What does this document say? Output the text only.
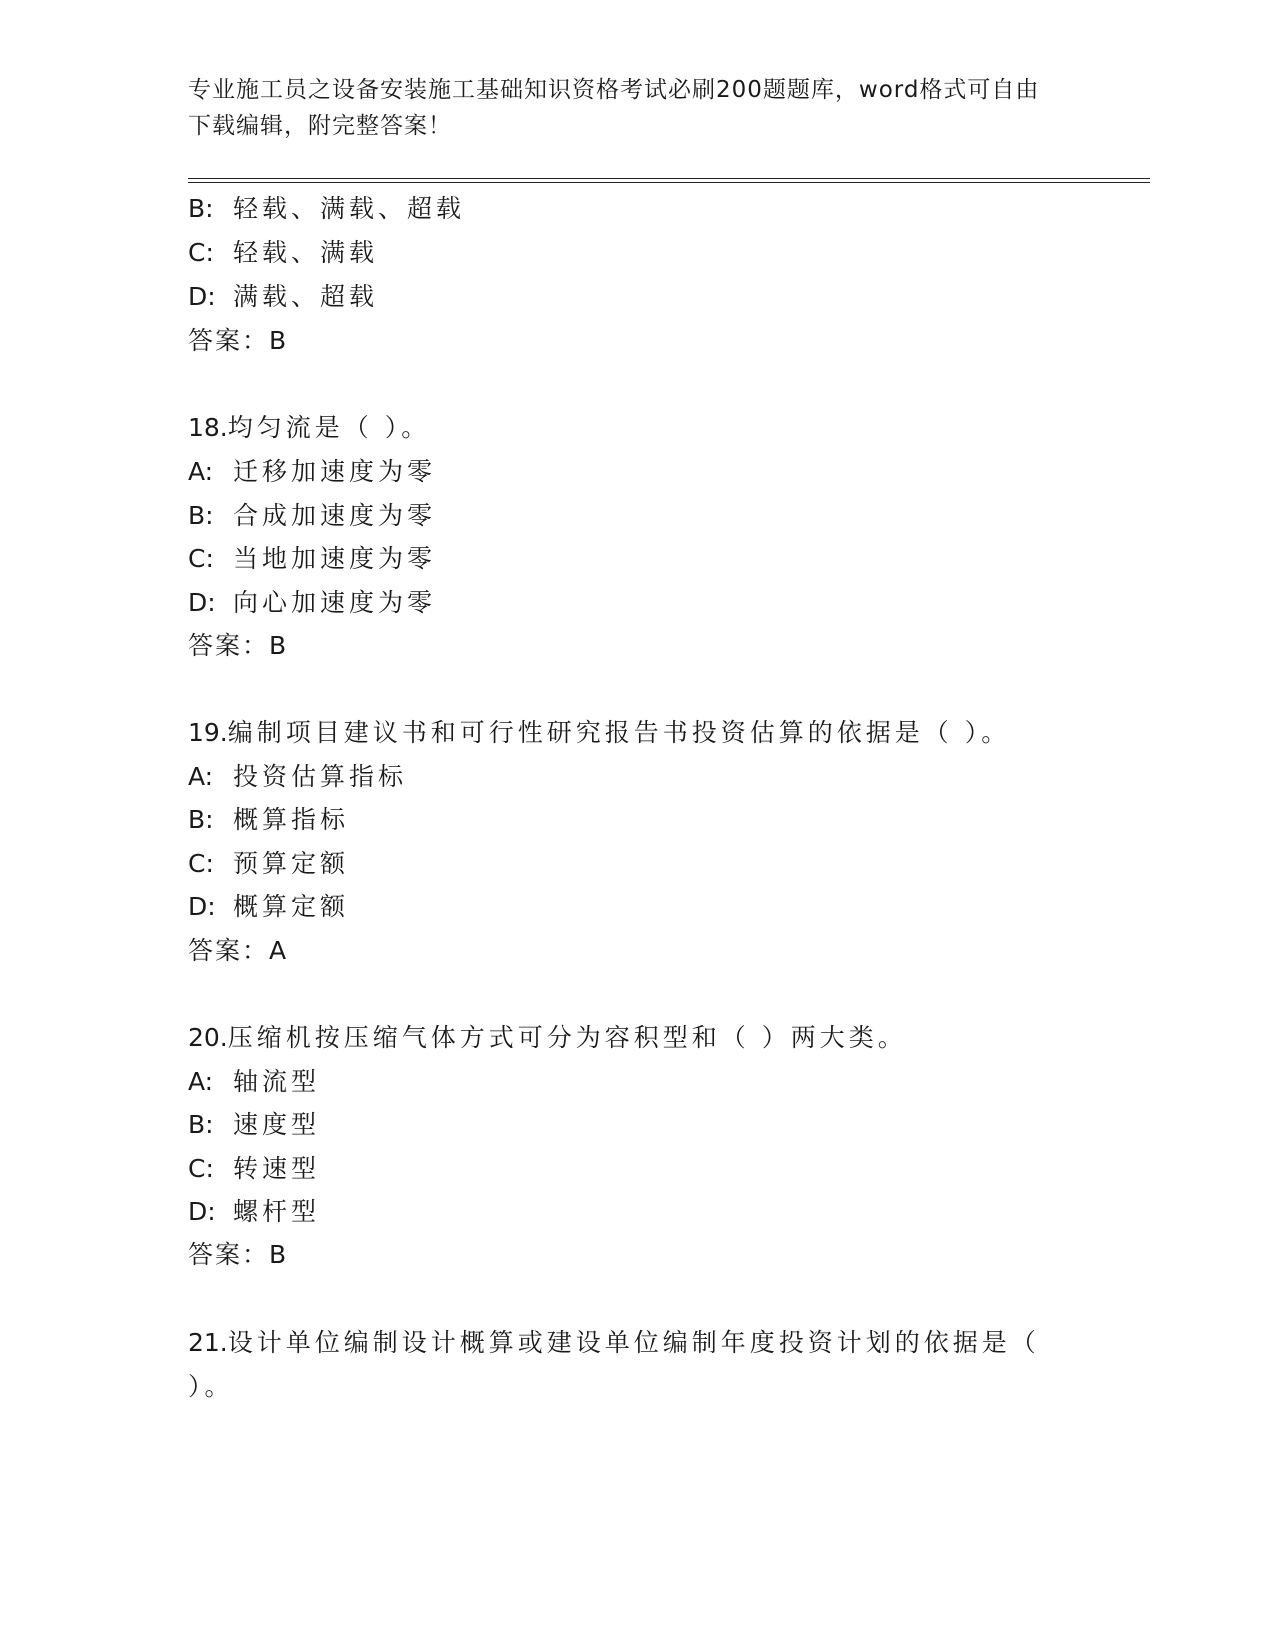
专业施工员之设备安装施工基础知识资格考试必刷200题题库，word格式可自由
下载编辑，附完整答案！
B: 轻载、满载、超载
C: 轻载、满载
D: 满载、超载
答案：B
18.均匀流是（ ）。
A: 迁移加速度为零
B: 合成加速度为零
C: 当地加速度为零
D: 向心加速度为零
答案：B
19.编制项目建议书和可行性研究报告书投资估算的依据是（ ）。
A: 投资估算指标
B: 概算指标
C: 预算定额
D: 概算定额
答案：A
20.压缩机按压缩气体方式可分为容积型和（ ）两大类。
A: 轴流型
B: 速度型
C: 转速型
D: 螺杆型
答案：B
21.设计单位编制设计概算或建设单位编制年度投资计划的依据是（
）。
